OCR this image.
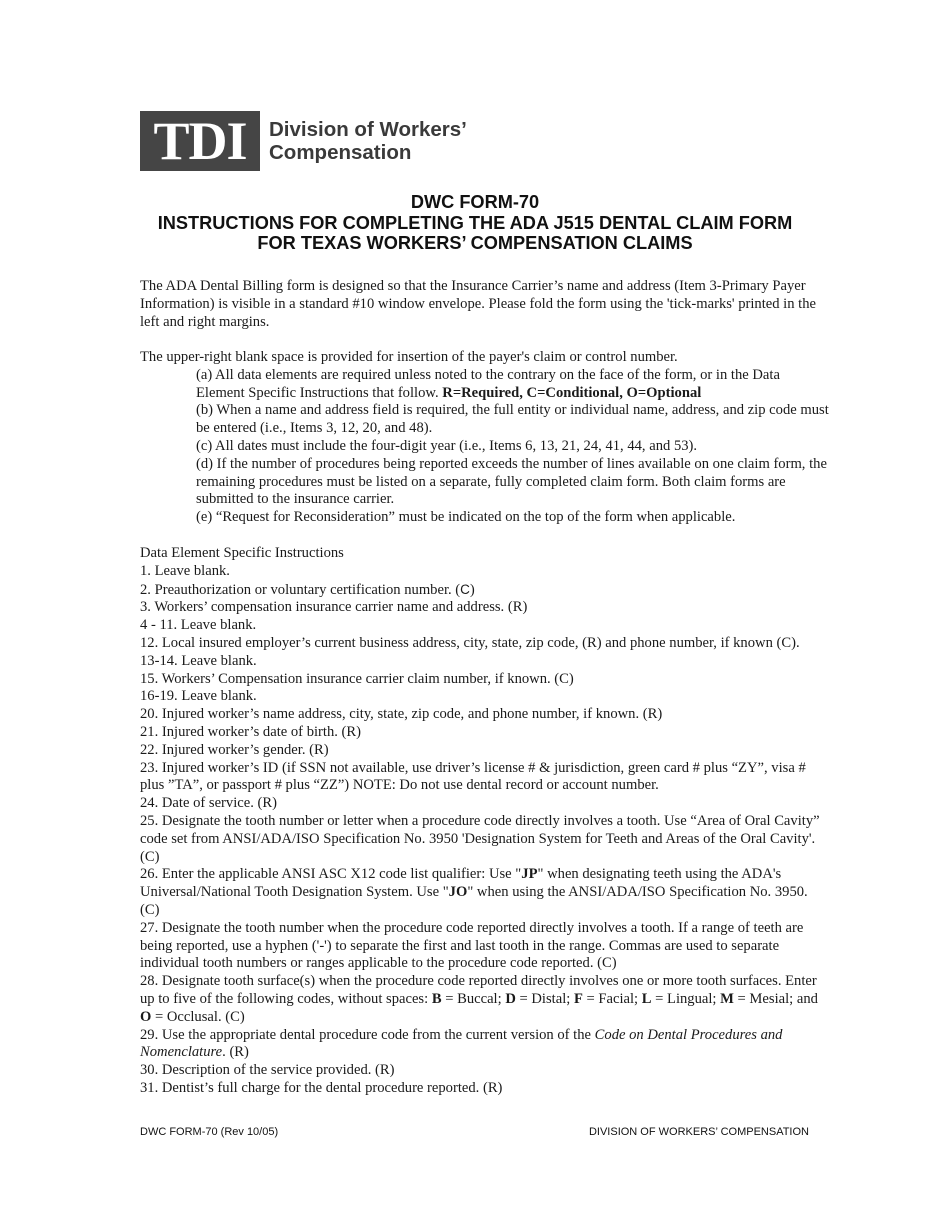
TDI	Division of Workers’
Compensation
DWC FORM-70
INSTRUCTIONS FOR COMPLETING THE ADA J515 DENTAL CLAIM FORM
FOR TEXAS WORKERS’ COMPENSATION CLAIMS

The ADA Dental Billing form is designed so that the Insurance Carrier’s name and address (Item 3-Primary Payer Information) is visible in a standard #10 window envelope. Please fold the form using the 'tick-marks' printed in the left and right margins.

The upper-right blank space is provided for insertion of the payer's claim or control number.

(a) All data elements are required unless noted to the contrary on the face of the form, or in the Data Element Specific Instructions that follow. R=Required, C=Conditional, O=Optional
(b) When a name and address field is required, the full entity or individual name, address, and zip code must be entered (i.e., Items 3, 12, 20, and 48).
(c) All dates must include the four-digit year (i.e., Items 6, 13, 21, 24, 41, 44, and 53).
(d) If the number of procedures being reported exceeds the number of lines available on one claim form, the remaining procedures must be listed on a separate, fully completed claim form. Both claim forms are submitted to the insurance carrier.
(e) “Request for Reconsideration” must be indicated on the top of the form when applicable.
Data Element Specific Instructions
1. Leave blank.
2. Preauthorization or voluntary certification number. (C)
3. Workers’ compensation insurance carrier name and address. (R)
4 - 11. Leave blank.
12. Local insured employer’s current business address, city, state, zip code, (R) and phone number, if known (C).
13-14. Leave blank.
15. Workers’ Compensation insurance carrier claim number, if known. (C)
16-19. Leave blank.
20. Injured worker’s name address, city, state, zip code, and phone number, if known. (R)
21. Injured worker’s date of birth. (R)
22. Injured worker’s gender. (R)
23. Injured worker’s ID (if SSN not available, use driver’s license # & jurisdiction, green card # plus “ZY”, visa # plus ”TA”, or passport # plus “ZZ”) NOTE: Do not use dental record or account number.
24. Date of service. (R)
25. Designate the tooth number or letter when a procedure code directly involves a tooth. Use “Area of Oral Cavity” code set from ANSI/ADA/ISO Specification No. 3950 'Designation System for Teeth and Areas of the Oral Cavity'. (C)
26. Enter the applicable ANSI ASC X12 code list qualifier: Use "JP" when designating teeth using the ADA's Universal/National Tooth Designation System. Use "JO" when using the ANSI/ADA/ISO Specification No. 3950. (C)
27. Designate the tooth number when the procedure code reported directly involves a tooth. If a range of teeth are being reported, use a hyphen ('-') to separate the first and last tooth in the range. Commas are used to separate individual tooth numbers or ranges applicable to the procedure code reported. (C)
28. Designate tooth surface(s) when the procedure code reported directly involves one or more tooth surfaces. Enter up to five of the following codes, without spaces: B = Buccal; D = Distal; F = Facial; L = Lingual; M = Mesial; and O = Occlusal. (C)
29. Use the appropriate dental procedure code from the current version of the Code on Dental Procedures and Nomenclature. (R)
30. Description of the service provided. (R)
31. Dentist’s full charge for the dental procedure reported. (R)
DWC FORM-70 (Rev 10/05)	DIVISION OF WORKERS’ COMPENSATION
